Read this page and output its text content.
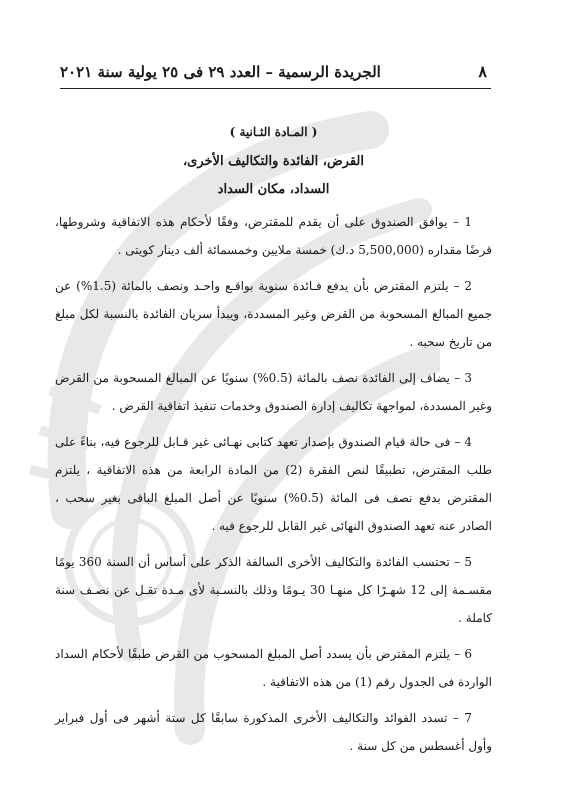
٨
الجريدة الرسمية – العدد ٢٩ فى ٢٥ يولية سنة ٢٠٢١
( المـادة الثـانية )
القرض، الفائدة والتكاليف الأخرى،
السداد، مكان السداد

1 – يوافق الصندوق على أن يقدم للمقترض، وفقًا لأحكام هذه الاتفاقية وشروطها، قرضًا مقداره (5,500,000 د.ك) خمسة ملايين وخمسمائة ألف دينار كويتى .

2 – يلتزم المقترض بأن يدفع فـائدة سنوية بواقـع واحـد ونصف بالمائة (1.5%) عن جميع المبالغ المسحوبة من القرض وغير المسددة، ويبدأ سريان الفائدة بالنسبة لكل مبلغ من تاريخ سحبه .

3 – يضاف إلى الفائدة نصف بالمائة (0.5%) سنويًا عن المبالغ المسحوبة من القرض وغير المسددة، لمواجهة تكاليف إدارة الصندوق وخدمات تنفيذ اتفاقية القرض .

4 – فى حالة قيام الصندوق بإصدار تعهد كتابى نهـائى غير قـابل للرجوع فيه، بناءً على طلب المقترض، تطبيقًا لنص الفقرة (2) من المادة الرابعة من هذه الاتفاقية ، يلتزم المقترض بدفع نصف فى المائة (0.5%) سنويًا عن أصل المبلغ الباقى بغير سحب ، الصادر عنه تعهد الصندوق النهائى غير القابل للرجوع فيه .

5 – تحتسب الفائدة والتكاليف الأخرى السالفة الذكر على أساس أن السنة 360 يومًا مقسـمة إلى 12 شهـرًا كل منهـا 30 يـومًا وذلك بالنسـبة لأى مـدة تقـل عن نصـف سنة كاملة .

6 – يلتزم المقترض بأن يسدد أصل المبلغ المسحوب من القرض طبقًا لأحكام السداد الواردة فى الجدول رقم (1) من هذه الاتفاقية .

7 – تسدد الفوائد والتكاليف الأخرى المذكورة سابقًا كل ستة أشهر فى أول فبراير وأول أغسطس من كل سنة .
